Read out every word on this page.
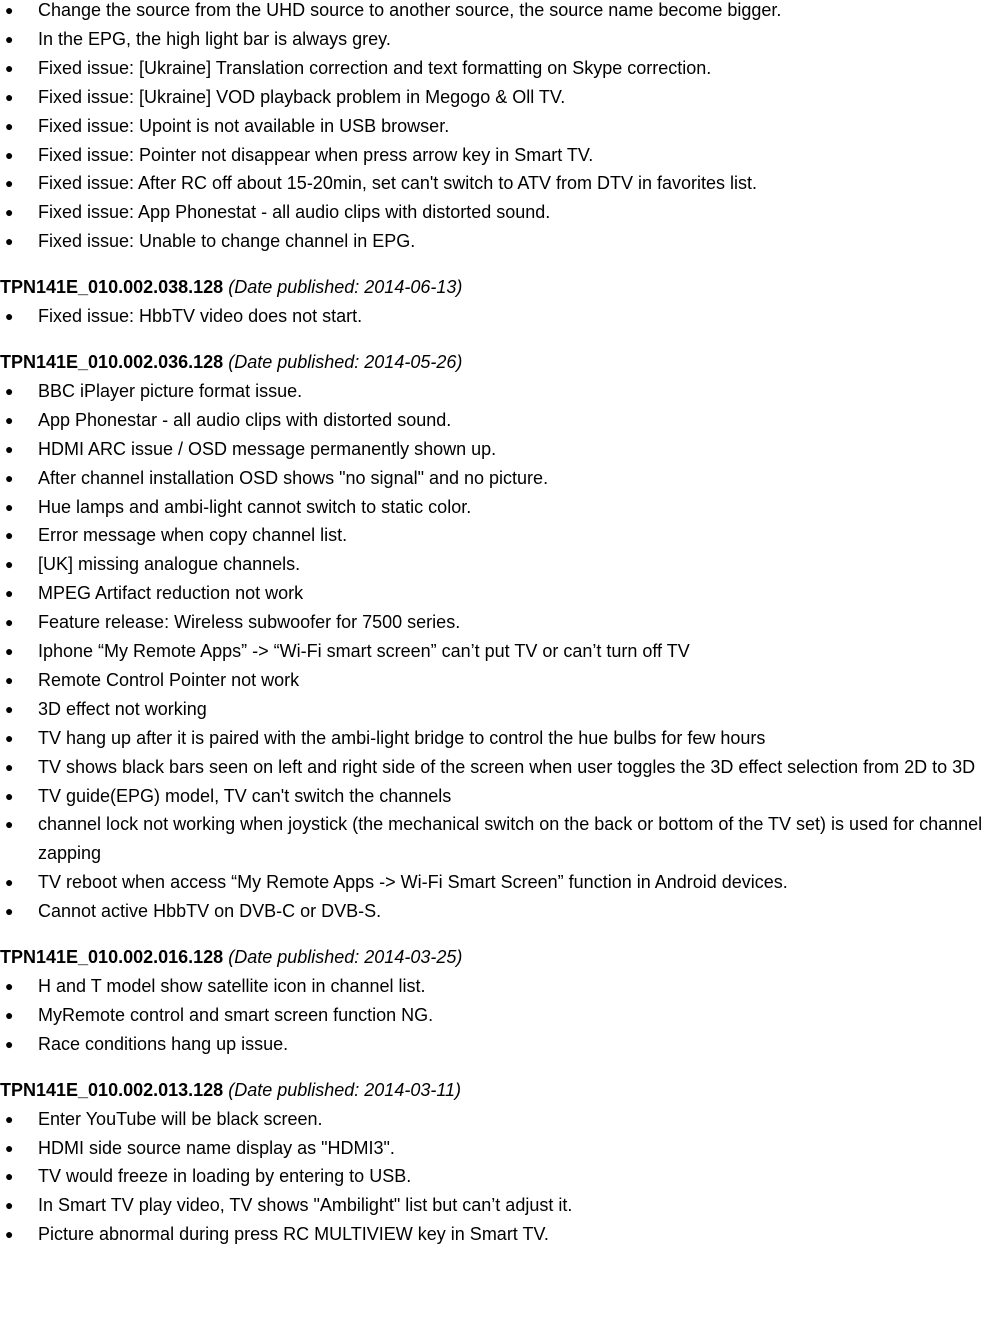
● Change the source from the UHD source to another source, the source name become bigger.
● In the EPG, the high light bar is always grey.
● Fixed issue: [Ukraine] Translation correction and text formatting on Skype correction.
● Fixed issue: [Ukraine] VOD playback problem in Megogo & Oll TV.
● Fixed issue: Upoint is not available in USB browser.
● Fixed issue: Pointer not disappear when press arrow key in Smart TV.
● Fixed issue: After RC off about 15-20min, set can't switch to ATV from DTV in favorites list.
● Fixed issue: App Phonestat - all audio clips with distorted sound.
● Fixed issue: Unable to change channel in EPG.
TPN141E_010.002.038.128 (Date published: 2014-06-13)
● Fixed issue: HbbTV video does not start.
TPN141E_010.002.036.128 (Date published: 2014-05-26)
● BBC iPlayer picture format issue.
● App Phonestar - all audio clips with distorted sound.
● HDMI ARC issue / OSD message permanently shown up.
● After channel installation OSD shows "no signal" and no picture.
● Hue lamps and ambi-light cannot switch to static color.
● Error message when copy channel list.
● [UK] missing analogue channels.
● MPEG Artifact reduction not work
● Feature release: Wireless subwoofer for 7500 series.
● Iphone “My Remote Apps” -> “Wi-Fi smart screen” can’t put TV or can’t turn off TV
● Remote Control Pointer not work
● 3D effect not working
● TV hang up after it is paired with the ambi-light bridge to control the hue bulbs for few hours
● TV shows black bars seen on left and right side of the screen when user toggles the 3D effect selection from 2D to 3D
● TV guide(EPG) model, TV can't switch the channels
● channel lock not working when joystick (the mechanical switch on the back or bottom of the TV set) is used for channel zapping
● TV reboot when access “My Remote Apps -> Wi-Fi Smart Screen” function in Android devices.
● Cannot active HbbTV on DVB-C or DVB-S.
TPN141E_010.002.016.128 (Date published: 2014-03-25)
● H and T model show satellite icon in channel list.
● MyRemote control and smart screen function NG.
● Race conditions hang up issue.
TPN141E_010.002.013.128 (Date published: 2014-03-11)
● Enter YouTube will be black screen.
● HDMI side source name display as "HDMI3".
● TV would freeze in loading by entering to USB.
● In Smart TV play video, TV shows "Ambilight" list but can’t adjust it.
● Picture abnormal during press RC MULTIVIEW key in Smart TV.
